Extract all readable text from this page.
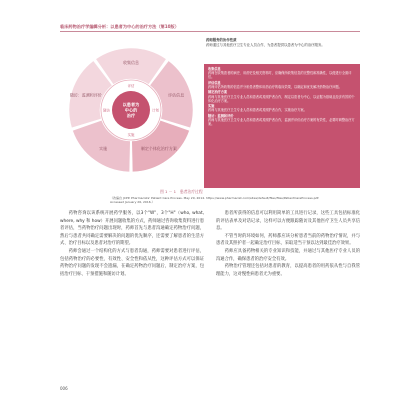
临床药物治疗学编辑分析：以患者为中心的治疗方法（第10版）
评估
计划
实施
随访
以患者为
中心的
治疗
收集信息
评估信息
制定个体化治疗方案
实施
随访：监测和评价
药师服务的协作性质
药师通过与其他医疗卫生专业人员合作，为患者提供以患者为中心的治疗服务。
收集信息
药师在收集患者的病史、用药史及相关资料时，应确保所收集信息的完整性和准确性，以便进行全面评估。
评估信息
药师评估所收集的信息并分析患者整体用药治疗的临床效果，以确定和优先解决药物治疗问题。
制定治疗方案
药师与其他医疗卫生专业人员和患者或其照护者合作，制定以患者为中心、以证据为基础且经济有效的个体化治疗方案。
实施
药师与其他医疗卫生专业人员和患者或其照护者合作，实施治疗方案。
随访：监测和评价
药师与其他医疗卫生专业人员和患者或其照护者合作，监测并评价治疗方案的有效性，必要时调整治疗方案。
图 1 － 1　患者治疗过程
（改编自 JCPP. Pharmacists' Patient Care Process. May 29, 2014. https://www.pharmacist.com/sites/default/files/files/PatientCareProcess.pdf. Accessed January 26, 2016.）

药物咨询以该系统开展药学服务，以3个"W"，3个"H"（who, what, where, why 和 how）开展问题收集的方式，药师通过咨询收集资料进行患者评估，当药物治疗问题出现时，药师首先与患者沟通确定药物治疗问题，然后与患者共同确定需要解决的问题的优先顺序，还需要了解患者的生活方式、治疗目标以及患者对治疗的期望。

药师会通过一个结构化的方式与患者沟通，药师需要对患者进行评估，包括药物治疗的必要性、有效性、安全性和依从性，这种评估方式可以保证药物治疗问题的发现不会遗漏，在确定药物治疗问题后，制定治疗方案，包括治疗目标、干预措施和随访计划。

患者所获得的信息可以利用简单的工具进行记录，这些工具包括标准化的评估表单及对话记录，这样可以方便跟踪随访及其他医疗卫生人员共享信息。

不管当时的环境如何，药师都应该分析患者当前的药物治疗情况，并与患者及其照护者一起确定治疗目标，采取适当干预以达到最佳治疗效果。

药师应具备药物相关的专业知识和技能，并通过与其他医疗专业人员的沟通合作，确保患者的治疗安全有效。

药物治疗管理还包括对患者的教育，以提高患者的用药依从性与自我管理能力，这对慢性病患者尤为重要。

006
